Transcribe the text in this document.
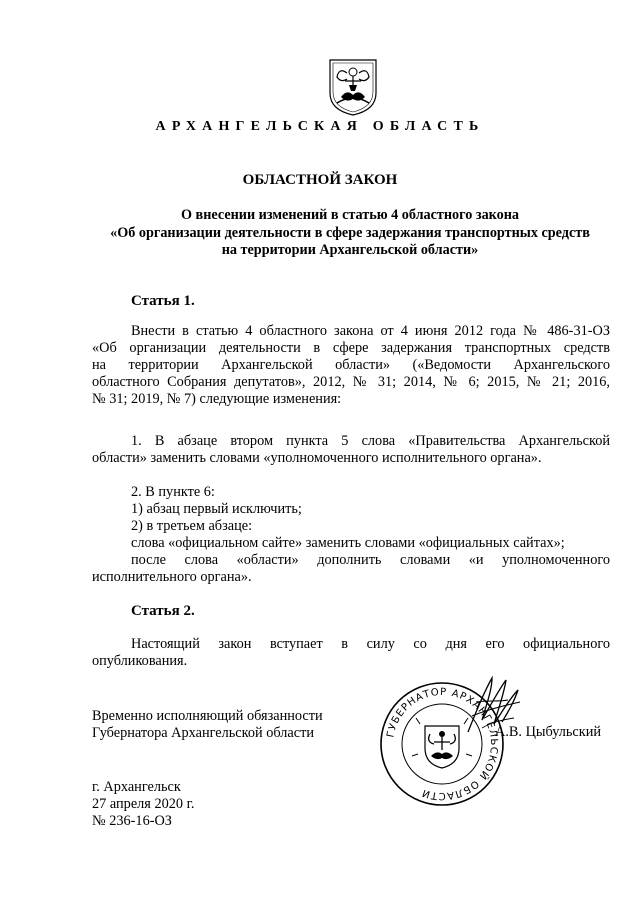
АРХАНГЕЛЬСКАЯ ОБЛАСТЬ
ОБЛАСТНОЙ ЗАКОН
О внесении изменений в статью 4 областного закона
«Об организации деятельности в сфере задержания транспортных средств
на территории Архангельской области»
Статья 1.

Внести в статью 4 областного закона от 4 июня 2012 года № 486-31-ОЗ

«Об организации деятельности в сфере задержания транспортных средств

на территории Архангельской области» («Ведомости Архангельского

областного Собрания депутатов», 2012, № 31; 2014, № 6; 2015, № 21; 2016,

№ 31; 2019, № 7) следующие изменения:

1. В абзаце втором пункта 5 слова «Правительства Архангельской

области» заменить словами «уполномоченного исполнительного органа».

2. В пункте 6:

1) абзац первый исключить;

2) в третьем абзаце:

слова «официальном сайте» заменить словами «официальных сайтах»;

после слова «области» дополнить словами «и уполномоченного

исполнительного органа».

Статья 2.

Настоящий закон вступает в силу со дня его официального

опубликования.

Временно исполняющий обязанности
Губернатора Архангельской области	ГУБЕРНАТОР АРХАНГЕЛЬСКОЙ ОБЛАСТИ
А.В. Цыбульский
г. Архангельск
27 апреля 2020 г.
№ 236-16-ОЗ
